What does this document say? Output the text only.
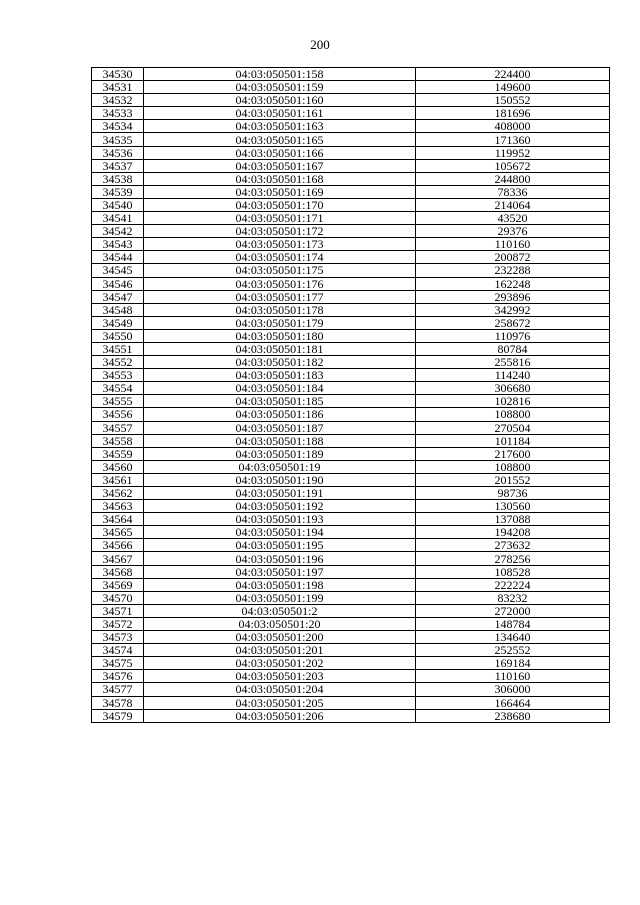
200
34530	04:03:050501:158	224400
34531	04:03:050501:159	149600
34532	04:03:050501:160	150552
34533	04:03:050501:161	181696
34534	04:03:050501:163	408000
34535	04:03:050501:165	171360
34536	04:03:050501:166	119952
34537	04:03:050501:167	105672
34538	04:03:050501:168	244800
34539	04:03:050501:169	78336
34540	04:03:050501:170	214064
34541	04:03:050501:171	43520
34542	04:03:050501:172	29376
34543	04:03:050501:173	110160
34544	04:03:050501:174	200872
34545	04:03:050501:175	232288
34546	04:03:050501:176	162248
34547	04:03:050501:177	293896
34548	04:03:050501:178	342992
34549	04:03:050501:179	258672
34550	04:03:050501:180	110976
34551	04:03:050501:181	80784
34552	04:03:050501:182	255816
34553	04:03:050501:183	114240
34554	04:03:050501:184	306680
34555	04:03:050501:185	102816
34556	04:03:050501:186	108800
34557	04:03:050501:187	270504
34558	04:03:050501:188	101184
34559	04:03:050501:189	217600
34560	04:03:050501:19	108800
34561	04:03:050501:190	201552
34562	04:03:050501:191	98736
34563	04:03:050501:192	130560
34564	04:03:050501:193	137088
34565	04:03:050501:194	194208
34566	04:03:050501:195	273632
34567	04:03:050501:196	278256
34568	04:03:050501:197	108528
34569	04:03:050501:198	222224
34570	04:03:050501:199	83232
34571	04:03:050501:2	272000
34572	04:03:050501:20	148784
34573	04:03:050501:200	134640
34574	04:03:050501:201	252552
34575	04:03:050501:202	169184
34576	04:03:050501:203	110160
34577	04:03:050501:204	306000
34578	04:03:050501:205	166464
34579	04:03:050501:206	238680
